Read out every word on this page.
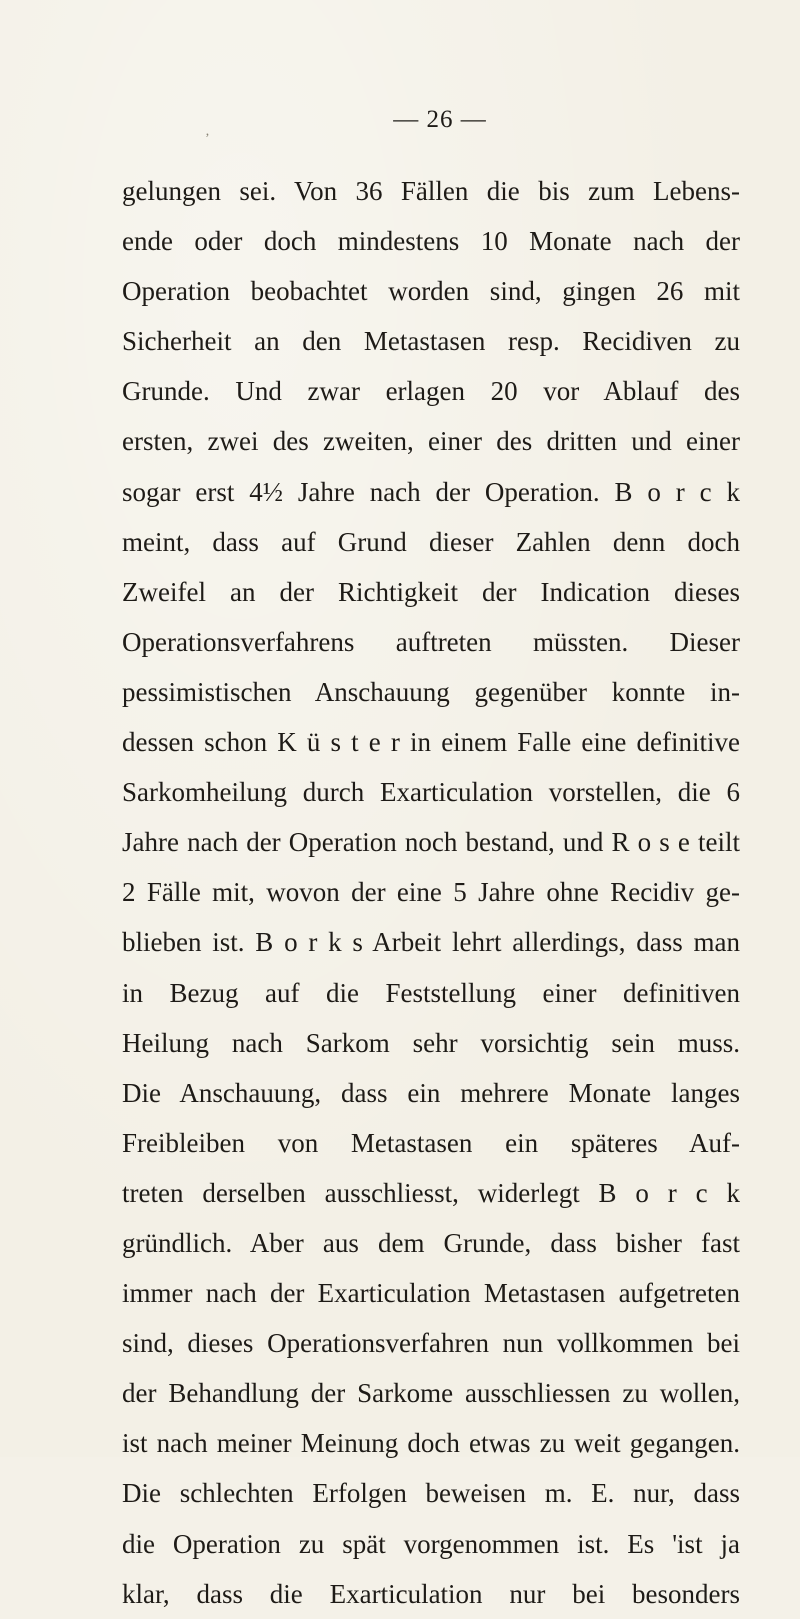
— 26 —
‚
gelungen sei. Von 36 Fällen die bis zum Lebens-
ende oder doch mindestens 10 Monate nach der
Operation beobachtet worden sind, gingen 26 mit
Sicherheit an den Metastasen resp. Recidiven zu
Grunde. Und zwar erlagen 20 vor Ablauf des
ersten, zwei des zweiten, einer des dritten und einer
sogar erst 4½ Jahre nach der Operation. B o r c k
meint, dass auf Grund dieser Zahlen denn doch
Zweifel an der Richtigkeit der Indication dieses
Operationsverfahrens auftreten müssten. Dieser
pessimistischen Anschauung gegenüber konnte in-
dessen schon K ü s t e r in einem Falle eine definitive
Sarkomheilung durch Exarticulation vorstellen, die 6
Jahre nach der Operation noch bestand, und R o s e teilt
2 Fälle mit, wovon der eine 5 Jahre ohne Recidiv ge-
blieben ist. B o r k s Arbeit lehrt allerdings, dass man
in Bezug auf die Feststellung einer definitiven
Heilung nach Sarkom sehr vorsichtig sein muss.
Die Anschauung, dass ein mehrere Monate langes
Freibleiben von Metastasen ein späteres Auf-
treten derselben ausschliesst, widerlegt B o r c k
gründlich. Aber aus dem Grunde, dass bisher fast
immer nach der Exarticulation Metastasen aufgetreten
sind, dieses Operationsverfahren nun vollkommen bei
der Behandlung der Sarkome ausschliessen zu wollen,
ist nach meiner Meinung doch etwas zu weit gegangen.
Die schlechten Erfolgen beweisen m. E. nur, dass
die Operation zu spät vorgenommen ist. Es 'ist ja
klar, dass die Exarticulation nur bei besonders
